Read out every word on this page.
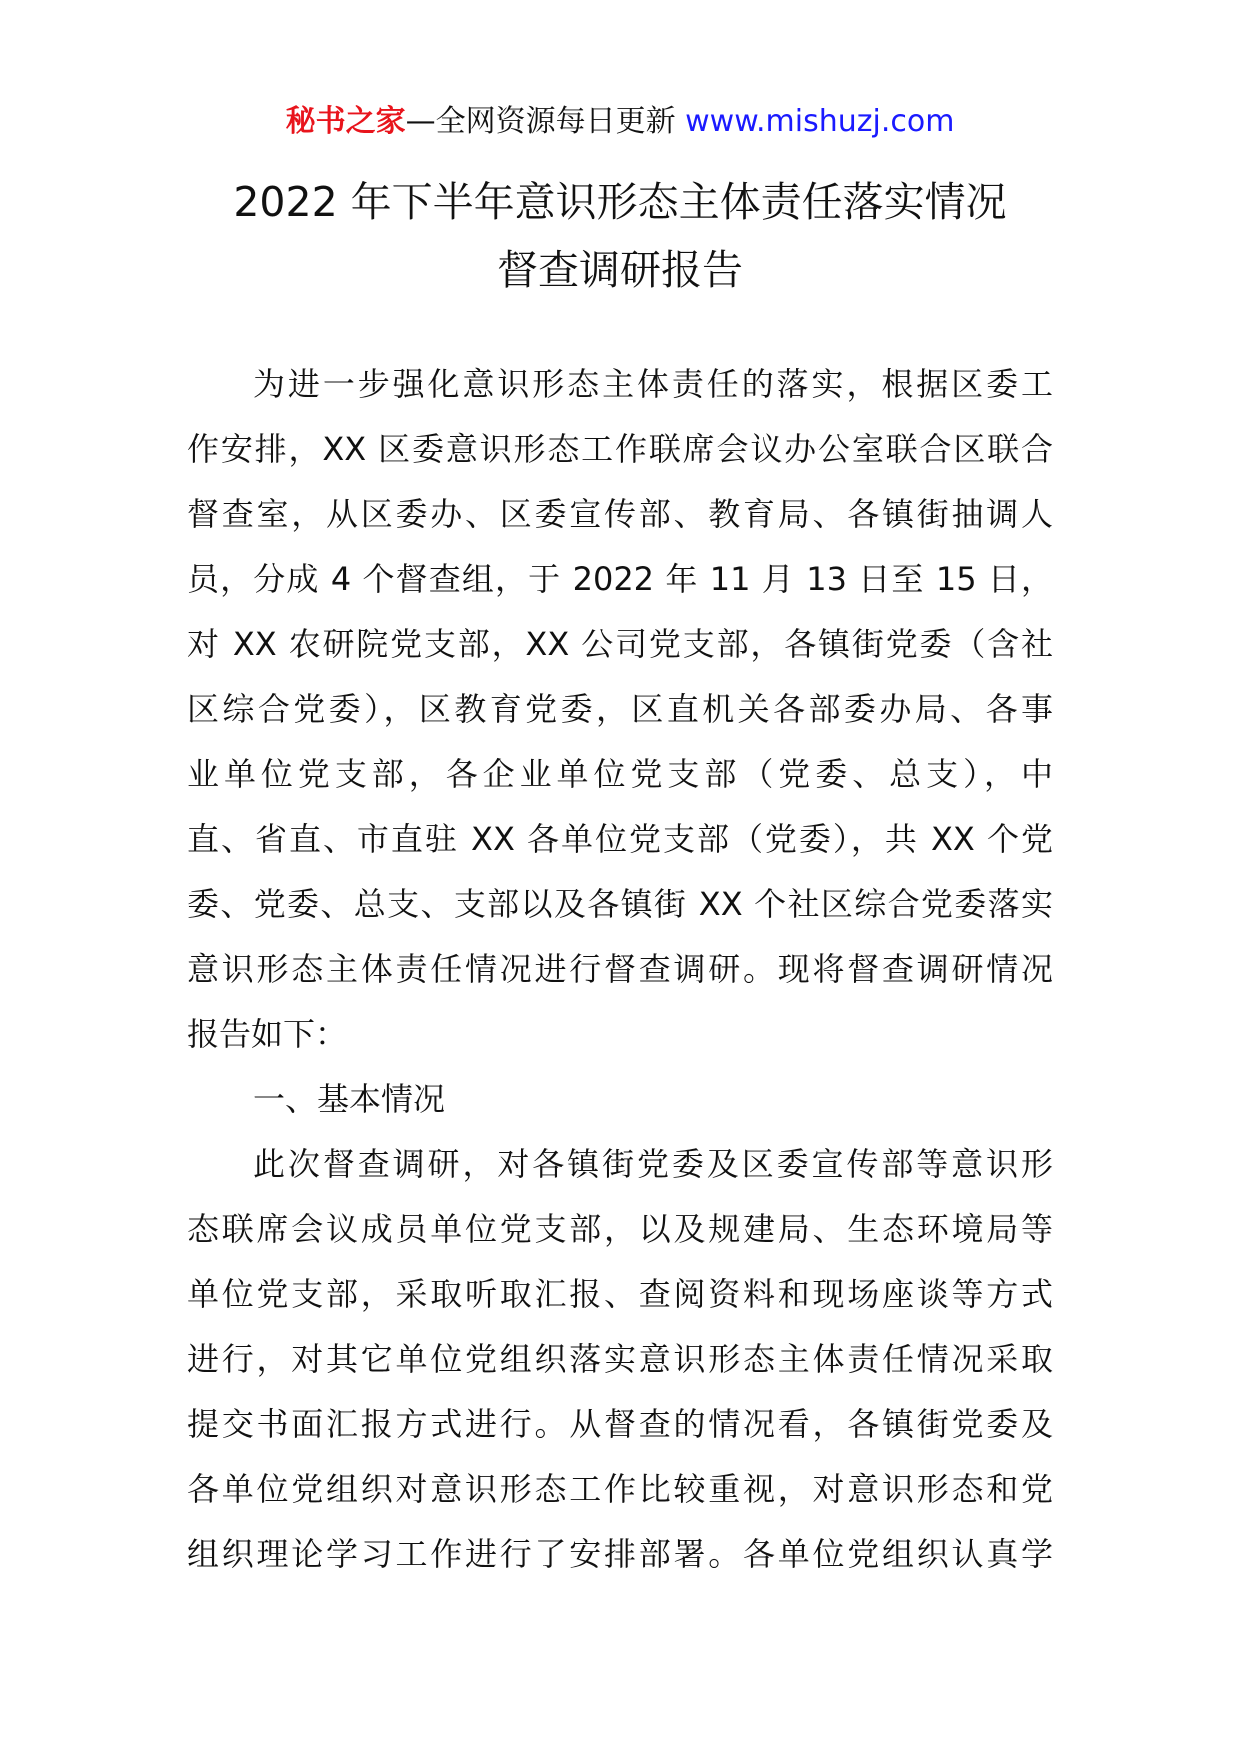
秘书之家—全网资源每日更新 www.mishuzj.com
2022 年下半年意识形态主体责任落实情况
督查调研报告
为进一步强化意识形态主体责任的落实，根据区委工
作安排，XX 区委意识形态工作联席会议办公室联合区联合
督查室，从区委办、区委宣传部、教育局、各镇街抽调人
员，分成 4 个督查组，于 2022 年 11 月 13 日至 15 日，
对 XX 农研院党支部，XX 公司党支部，各镇街党委（含社
区综合党委），区教育党委，区直机关各部委办局、各事
业单位党支部，各企业单位党支部（党委、总支），中
直、省直、市直驻 XX 各单位党支部（党委），共 XX 个党
委、党委、总支、支部以及各镇街 XX 个社区综合党委落实
意识形态主体责任情况进行督查调研。现将督查调研情况
报告如下：
一、基本情况
此次督查调研，对各镇街党委及区委宣传部等意识形
态联席会议成员单位党支部，以及规建局、生态环境局等
单位党支部，采取听取汇报、查阅资料和现场座谈等方式
进行，对其它单位党组织落实意识形态主体责任情况采取
提交书面汇报方式进行。从督查的情况看，各镇街党委及
各单位党组织对意识形态工作比较重视，对意识形态和党
组织理论学习工作进行了安排部署。各单位党组织认真学
